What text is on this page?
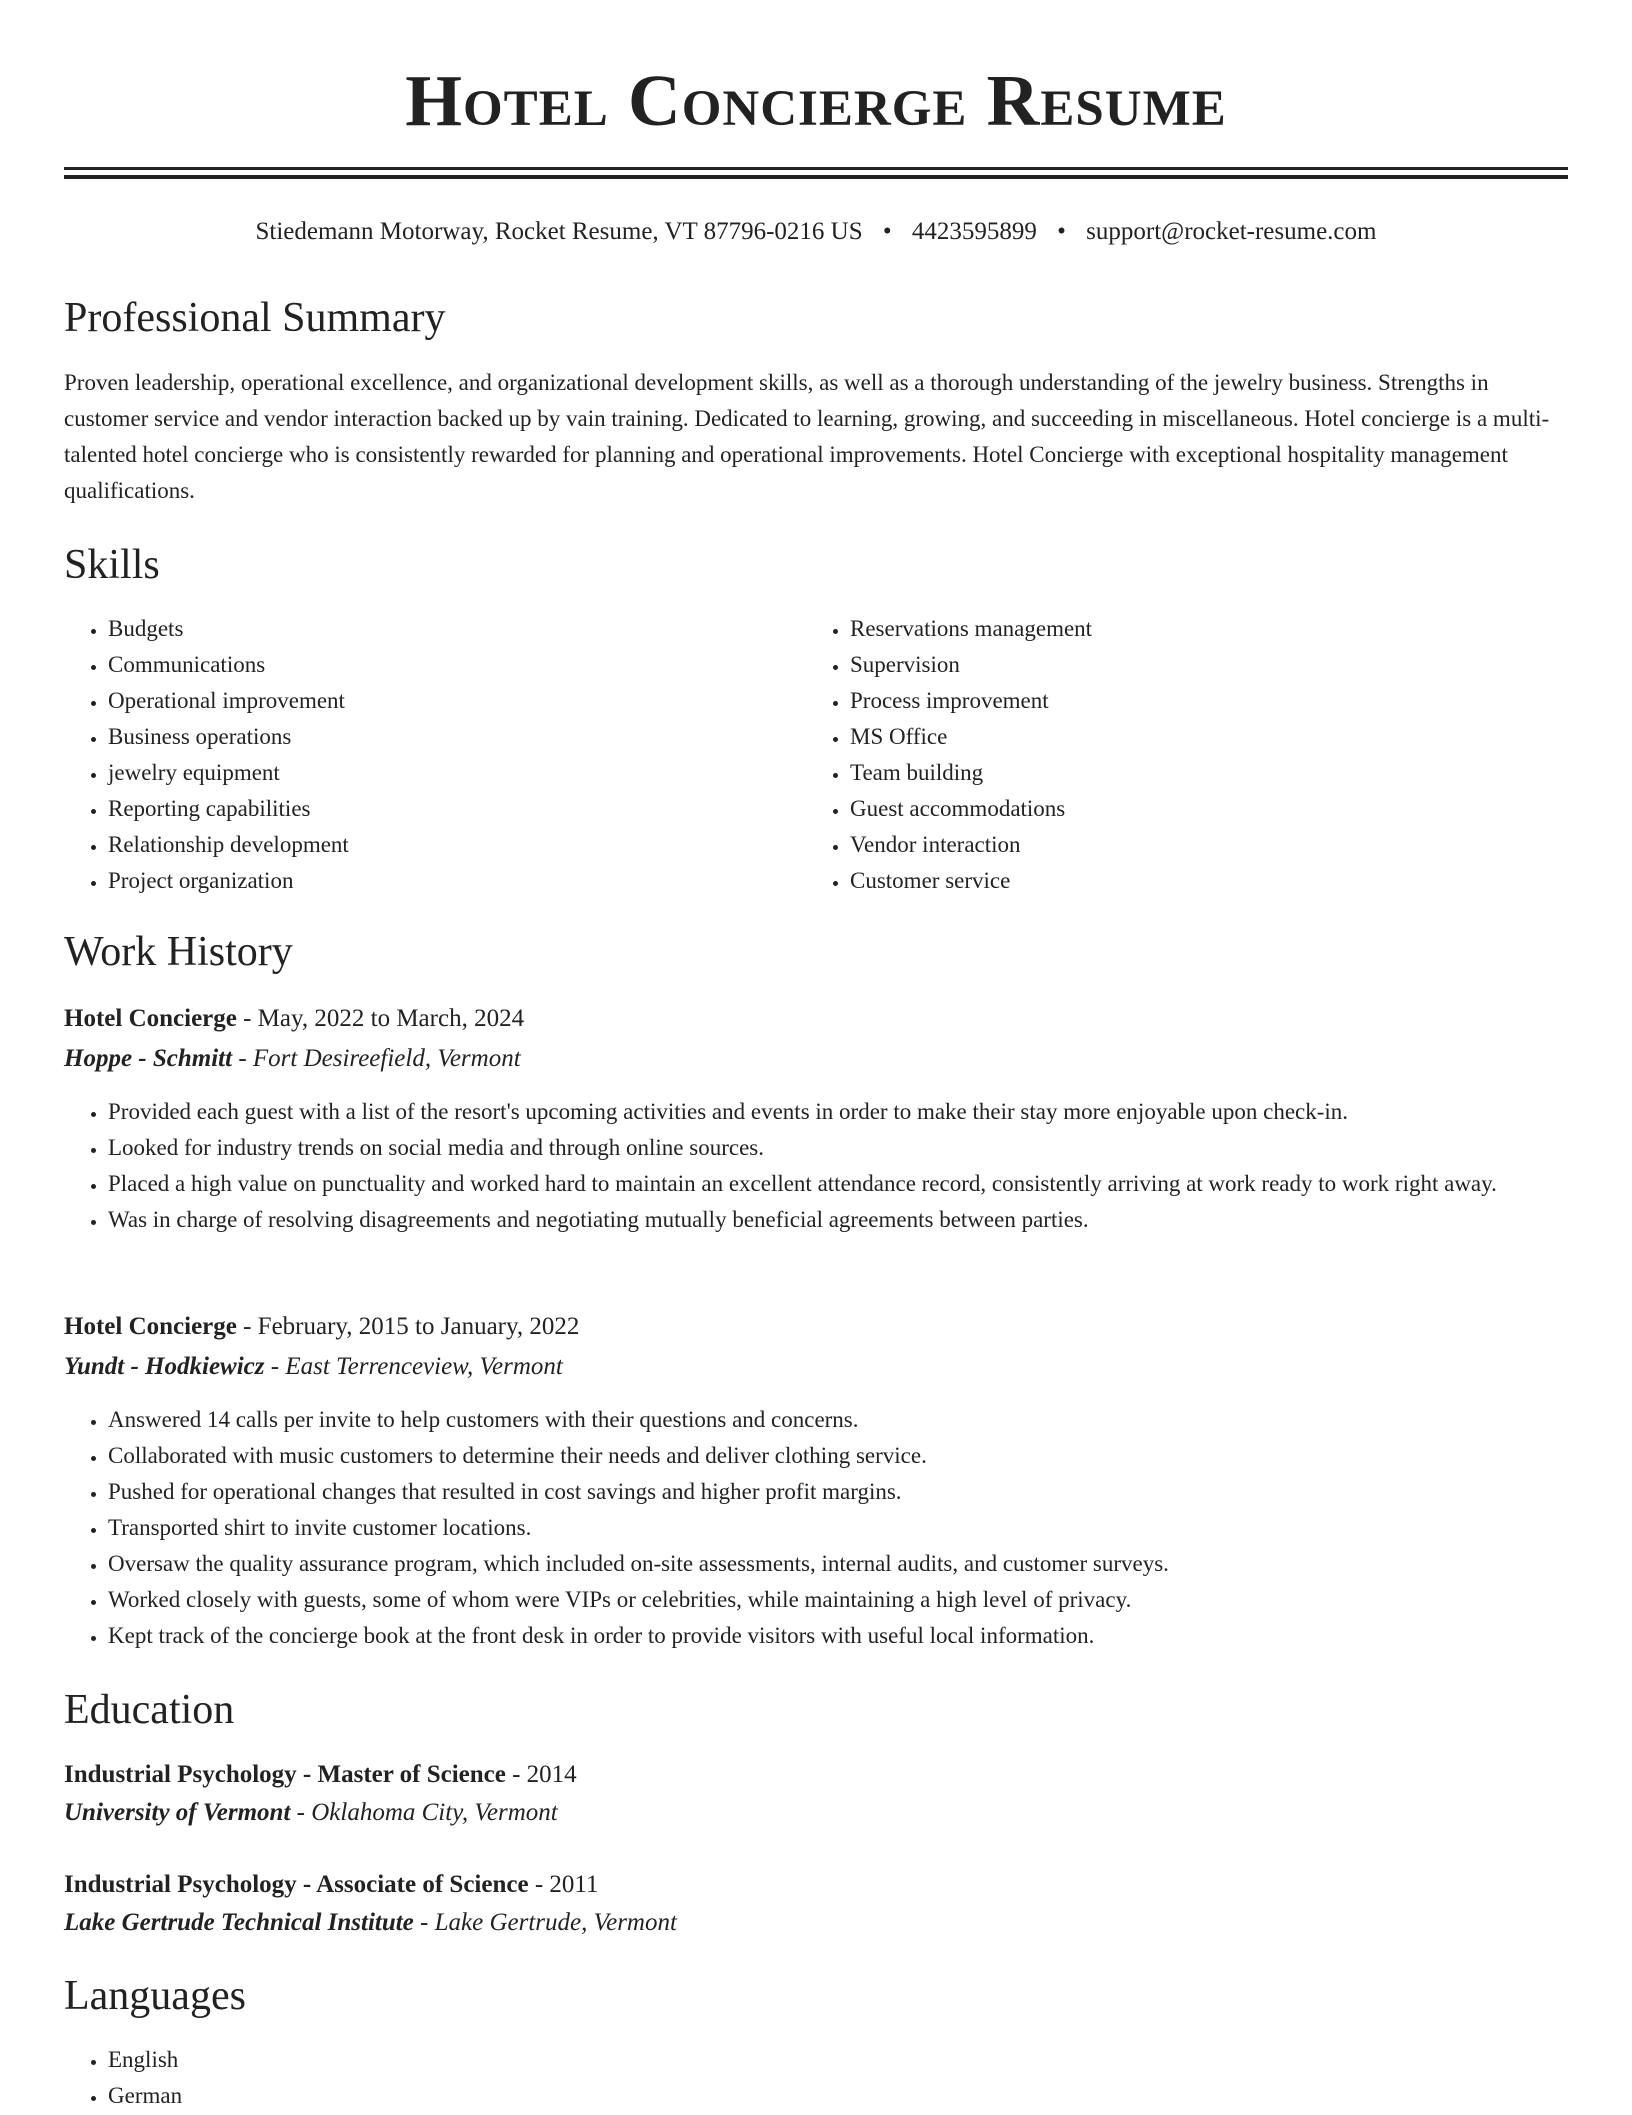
Hotel Concierge Resume
Stiedemann Motorway, Rocket Resume, VT 87796-0216 US • 4423595899 • support@rocket-resume.com
Professional Summary
Proven leadership, operational excellence, and organizational development skills, as well as a thorough understanding of the jewelry business. Strengths in customer service and vendor interaction backed up by vain training. Dedicated to learning, growing, and succeeding in miscellaneous. Hotel concierge is a multi-talented hotel concierge who is consistently rewarded for planning and operational improvements. Hotel Concierge with exceptional hospitality management qualifications.
Skills
• Budgets
• Communications
• Operational improvement
• Business operations
• jewelry equipment
• Reporting capabilities
• Relationship development
• Project organization
• Reservations management
• Supervision
• Process improvement
• MS Office
• Team building
• Guest accommodations
• Vendor interaction
• Customer service
Work History
Hotel Concierge - May, 2022 to March, 2024
Hoppe - Schmitt - Fort Desireefield, Vermont
• Provided each guest with a list of the resort's upcoming activities and events in order to make their stay more enjoyable upon check-in.
• Looked for industry trends on social media and through online sources.
• Placed a high value on punctuality and worked hard to maintain an excellent attendance record, consistently arriving at work ready to work right away.
• Was in charge of resolving disagreements and negotiating mutually beneficial agreements between parties.
Hotel Concierge - February, 2015 to January, 2022
Yundt - Hodkiewicz - East Terrenceview, Vermont
• Answered 14 calls per invite to help customers with their questions and concerns.
• Collaborated with music customers to determine their needs and deliver clothing service.
• Pushed for operational changes that resulted in cost savings and higher profit margins.
• Transported shirt to invite customer locations.
• Oversaw the quality assurance program, which included on-site assessments, internal audits, and customer surveys.
• Worked closely with guests, some of whom were VIPs or celebrities, while maintaining a high level of privacy.
• Kept track of the concierge book at the front desk in order to provide visitors with useful local information.
Education
Industrial Psychology - Master of Science - 2014
University of Vermont - Oklahoma City, Vermont
Industrial Psychology - Associate of Science - 2011
Lake Gertrude Technical Institute - Lake Gertrude, Vermont
Languages
• English
• German
